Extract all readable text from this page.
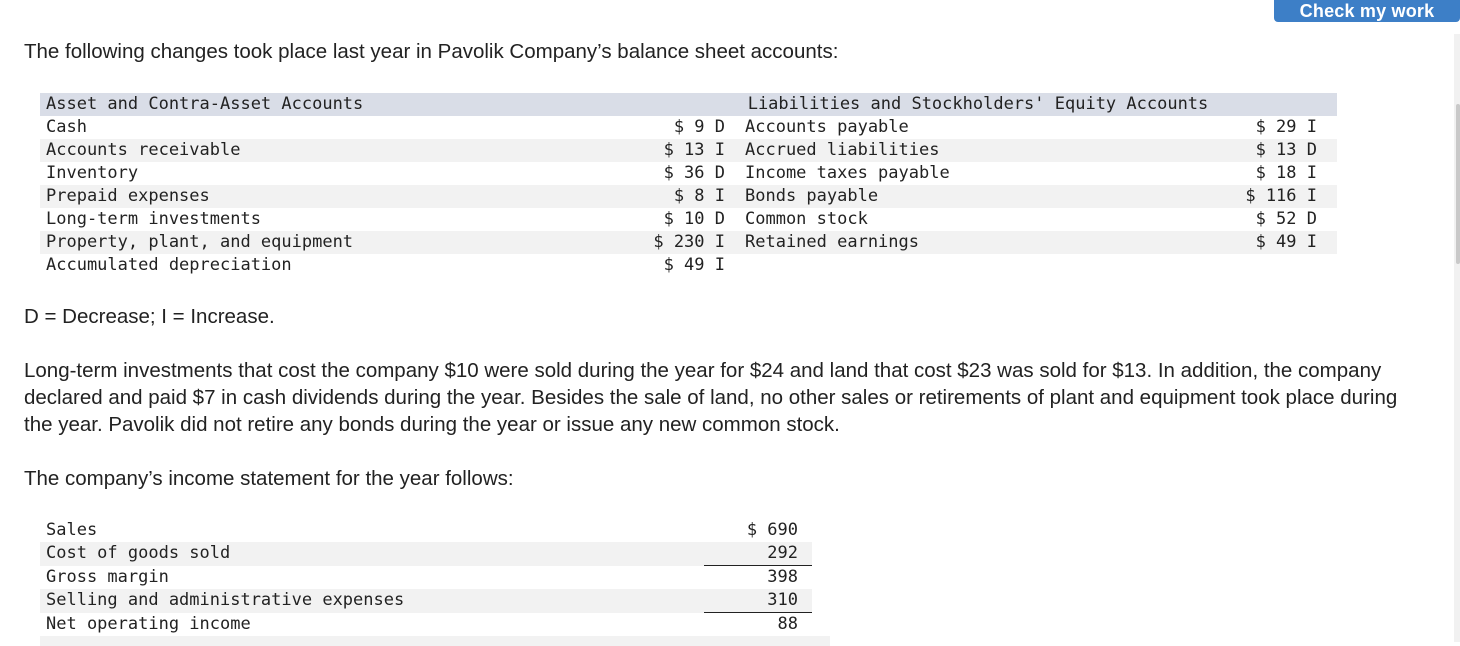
Check my work
The following changes took place last year in Pavolik Company’s balance sheet accounts:
Asset and Contra-Asset Accounts			Liabilities and Stockholders' Equity Accounts	
Cash	$ 9 D		Accounts payable	$ 29 I
Accounts receivable	$ 13 I		Accrued liabilities	$ 13 D
Inventory	$ 36 D		Income taxes payable	$ 18 I
Prepaid expenses	$ 8 I		Bonds payable	$ 116 I
Long-term investments	$ 10 D		Common stock	$ 52 D
Property, plant, and equipment	$ 230 I		Retained earnings	$ 49 I
Accumulated depreciation	$ 49 I			
D = Decrease; I = Increase.
Long-term investments that cost the company $10 were sold during the year for $24 and land that cost $23 was sold for $13. In addition, the company declared and paid $7 in cash dividends during the year. Besides the sale of land, no other sales or retirements of plant and equipment took place during the year. Pavolik did not retire any bonds during the year or issue any new common stock.
The company’s income statement for the year follows:
Sales	$ 690
Cost of goods sold	292
Gross margin	398
Selling and administrative expenses	310
Net operating income	88
